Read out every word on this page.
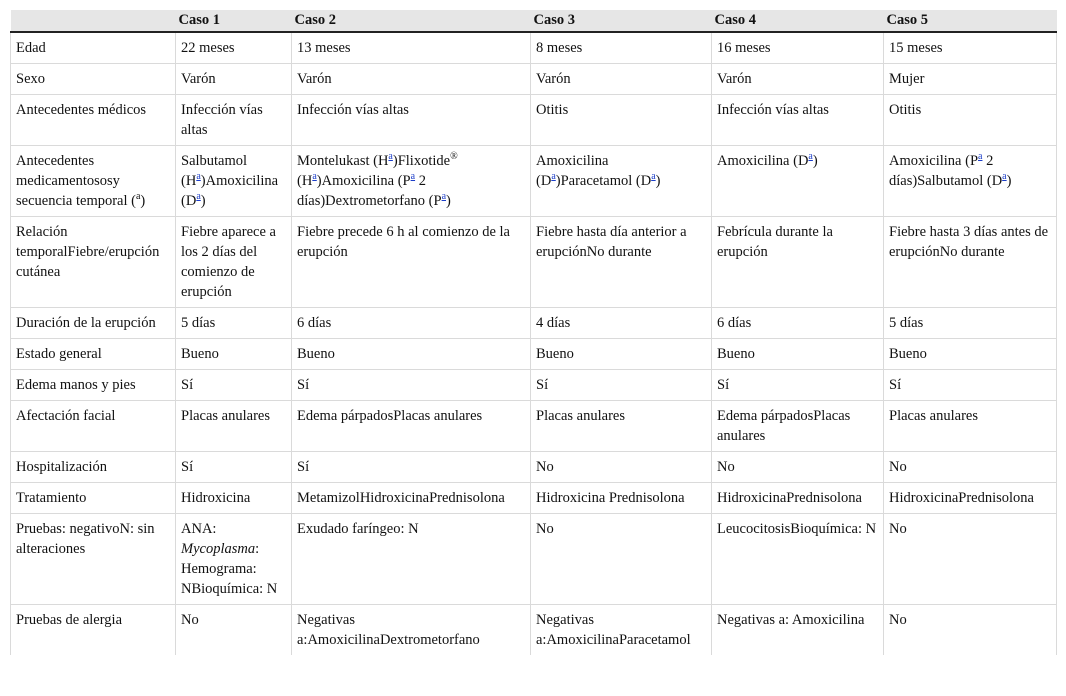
	Caso 1	Caso 2	Caso 3	Caso 4	Caso 5
Edad	22 meses	13 meses	8 meses	16 meses	15 meses
Sexo	Varón	Varón	Varón	Varón	Mujer
Antecedentes médicos	Infección vías altas	Infección vías altas	Otitis	Infección vías altas	Otitis
Antecedentes medicamentososy secuencia temporal ($^a$)	Salbutamol $(H^a)Amoxicilina$ $(D^a)$	Montelukast $(H^a)Flixotide®$ $(H^a)Amoxicilina$ ($P^a$ 2 días)Dextrometorfano $(P^a)$	Amoxicilina $(D^a)Paracetamol$ $(D^a)$	Amoxicilina $(D^a)$	Amoxicilina ($P^a$ 2 días)Salbutamol $(D^a)$
Relación temporalFiebre/erupción cutánea	Fiebre aparece a los 2 días del comienzo de erupción	Fiebre precede 6 h al comienzo de la erupción	Fiebre hasta día anterior a erupciónNo durante	Febrícula durante la erupción	Fiebre hasta 3 días antes de erupciónNo durante
Duración de la erupción	5 días	6 días	4 días	6 días	5 días
Estado general	Bueno	Bueno	Bueno	Bueno	Bueno
Edema manos y pies	Sí	Sí	Sí	Sí	Sí
Afectación facial	Placas anulares	Edema párpadosPlacas anulares	Placas anulares	Edema párpadosPlacas anulares	Placas anulares
Hospitalización	Sí	Sí	No	No	No
Tratamiento	Hidroxicina	MetamizolHidroxicinaPrednisolona	Hidroxicina Prednisolona	HidroxicinaPrednisolona	HidroxicinaPrednisolona
Pruebas: negativoN: sin alteraciones	ANA: Mycoplasma: Hemograma: NBioquímica: N	Exudado faríngeo: N	No	LeucocitosisBioquímica: N	No
Pruebas de alergia	No	Negativas a:AmoxicilinaDextrometorfano	Negativas a:AmoxicilinaParacetamol	Negativas a: Amoxicilina	No
